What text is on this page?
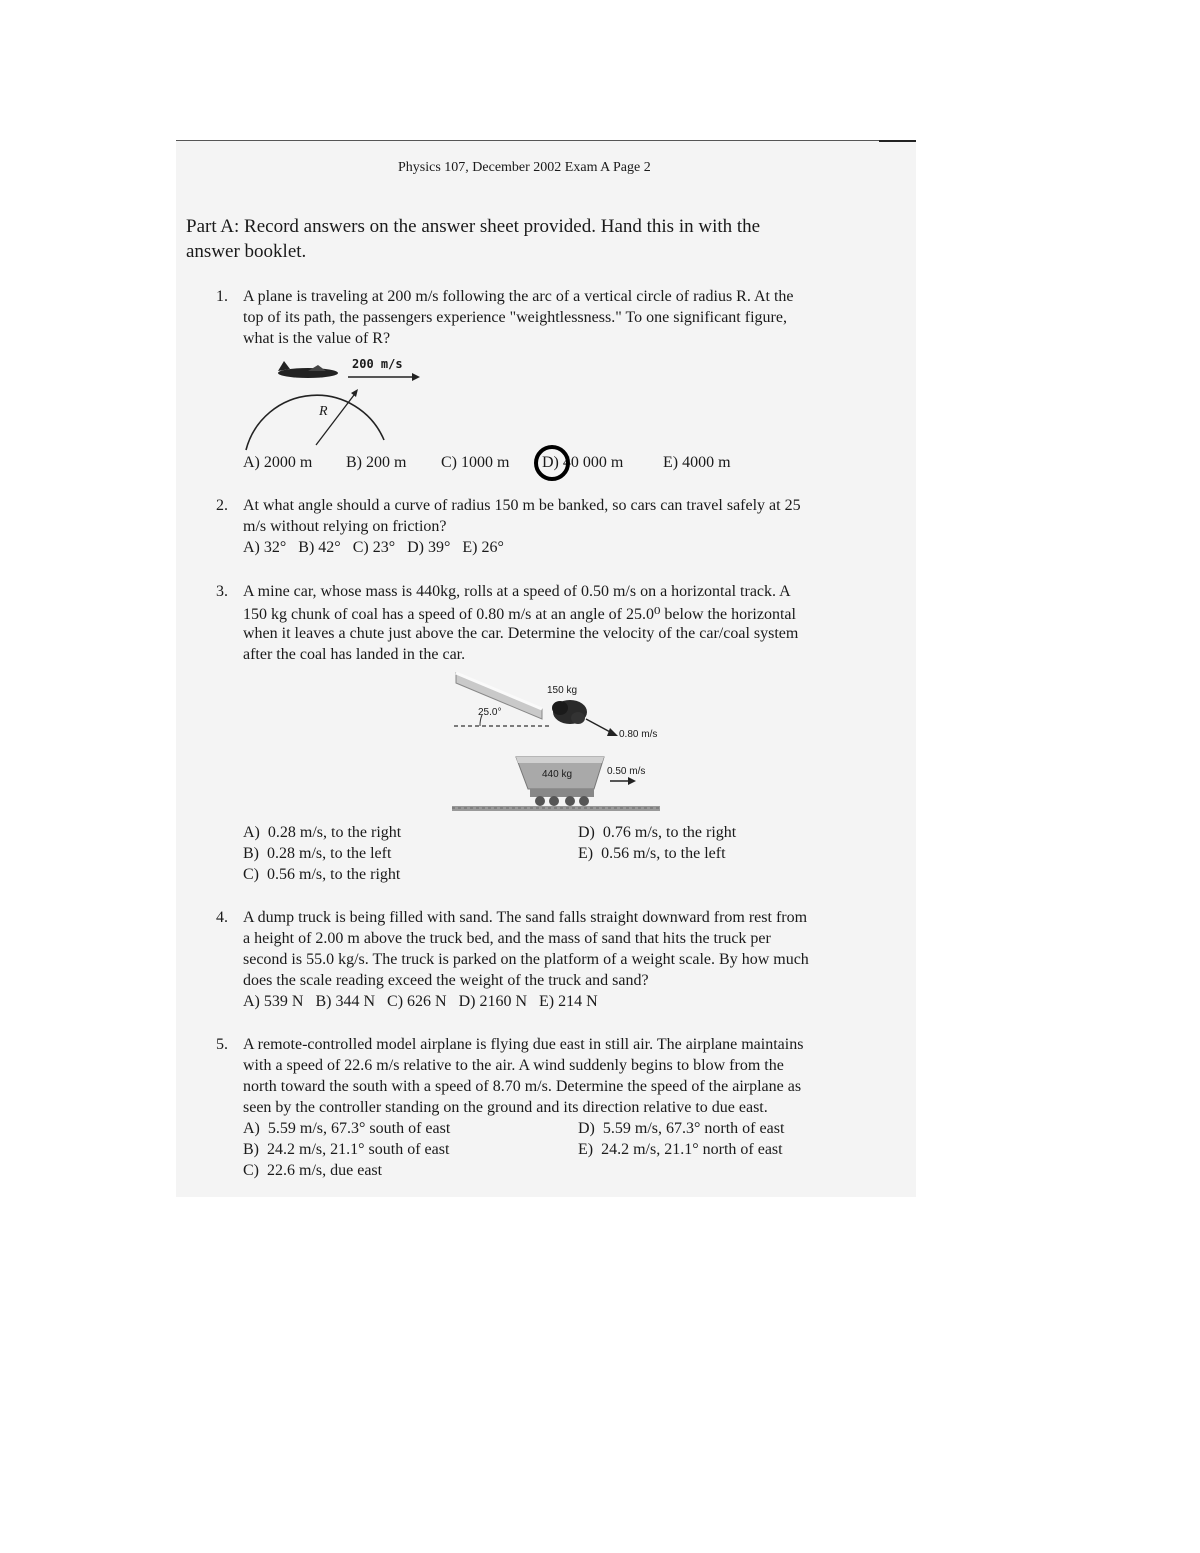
Physics 107, December 2002 Exam A Page 2
Part A: Record answers on the answer sheet provided. Hand this in with the
answer booklet.
1. A plane is traveling at 200 m/s following the arc of a vertical circle of radius R. At the
top of its path, the passengers experience "weightlessness." To one significant figure,
what is the value of R?
200 m/s
R
A) 2000 m B) 200 m C) 1000 m D) 40 000 m E) 4000 m
2. At what angle should a curve of radius 150 m be banked, so cars can travel safely at 25
m/s without relying on friction?
A) 32° B) 42° C) 23° D) 39° E) 26°
3. A mine car, whose mass is 440kg, rolls at a speed of 0.50 m/s on a horizontal track. A
150 kg chunk of coal has a speed of 0.80 m/s at an angle of 25.0⁰ below the horizontal
when it leaves a chute just above the car. Determine the velocity of the car/coal system
after the coal has landed in the car.
150 kg
25.0°
0.80 m/s
440 kg	0.50 m/s
A) 0.28 m/s, to the right
B) 0.28 m/s, to the left
C) 0.56 m/s, to the right
D) 0.76 m/s, to the right
E) 0.56 m/s, to the left
4. A dump truck is being filled with sand. The sand falls straight downward from rest from
a height of 2.00 m above the truck bed, and the mass of sand that hits the truck per
second is 55.0 kg/s. The truck is parked on the platform of a weight scale. By how much
does the scale reading exceed the weight of the truck and sand?
A) 539 N B) 344 N C) 626 N D) 2160 N E) 214 N
5. A remote-controlled model airplane is flying due east in still air. The airplane maintains
with a speed of 22.6 m/s relative to the air. A wind suddenly begins to blow from the
north toward the south with a speed of 8.70 m/s. Determine the speed of the airplane as
seen by the controller standing on the ground and its direction relative to due east.
A) 5.59 m/s, 67.3° south of east
B) 24.2 m/s, 21.1° south of east
C) 22.6 m/s, due east
D) 5.59 m/s, 67.3° north of east
E) 24.2 m/s, 21.1° north of east
